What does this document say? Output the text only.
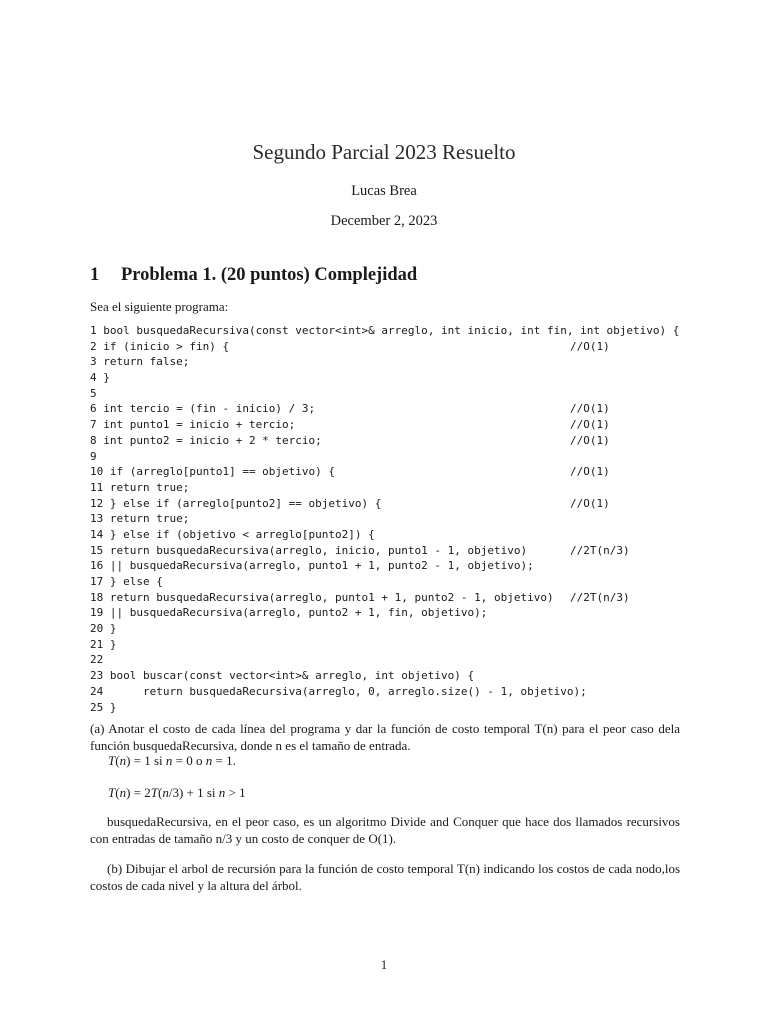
Segundo Parcial 2023 Resuelto
Lucas Brea
December 2, 2023
1 Problema 1. (20 puntos) Complejidad
Sea el siguiente programa:
1 bool busquedaRecursiva(const vector<int>& arreglo, int inicio, int fin, int objetivo) {
2 if (inicio > fin) {	//O(1)
3 return false;
4 }
5
6 int tercio = (fin - inicio) / 3;	//O(1)
7 int punto1 = inicio + tercio;	//O(1)
8 int punto2 = inicio + 2 * tercio;	//O(1)
9
10 if (arreglo[punto1] == objetivo) {	//O(1)
11 return true;
12 } else if (arreglo[punto2] == objetivo) {	//O(1)
13 return true;
14 } else if (objetivo < arreglo[punto2]) {
15 return busquedaRecursiva(arreglo, inicio, punto1 - 1, objetivo)	//2T(n/3)
16 || busquedaRecursiva(arreglo, punto1 + 1, punto2 - 1, objetivo);
17 } else {
18 return busquedaRecursiva(arreglo, punto1 + 1, punto2 - 1, objetivo) //2T(n/3)
19 || busquedaRecursiva(arreglo, punto2 + 1, fin, objetivo);
20 }
21 }
22
23 bool buscar(const vector<int>& arreglo, int objetivo) {
24      return busquedaRecursiva(arreglo, 0, arreglo.size() - 1, objetivo);
25 }
(a) Anotar el costo de cada línea del programa y dar la función de costo temporal T(n) para el peor caso dela función busquedaRecursiva, donde n es el tamaño de entrada.
T(n) = 1 si n = 0 o n = 1.
T(n) = 2T(n/3) + 1 si n > 1
busquedaRecursiva, en el peor caso, es un algoritmo Divide and Conquer que hace dos llamados recursivos con entradas de tamaño n/3 y un costo de conquer de O(1).
(b) Dibujar el arbol de recursión para la función de costo temporal T(n) indicando los costos de cada nodo,los costos de cada nivel y la altura del árbol.
1
